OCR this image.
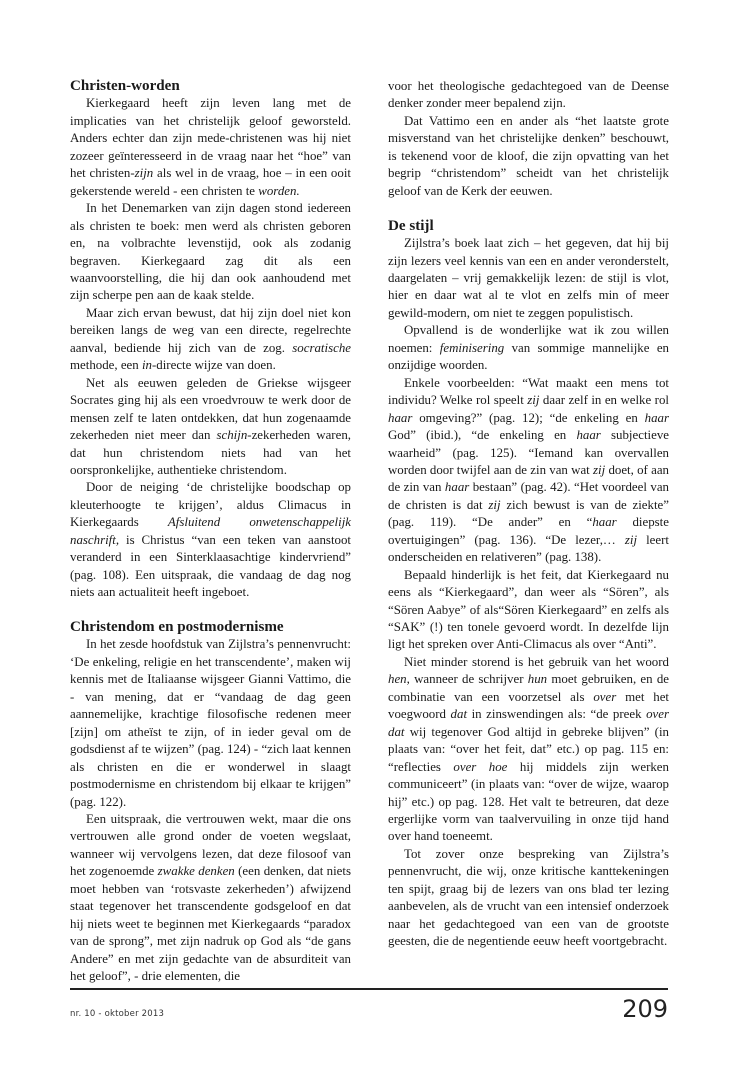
Christen-worden

Kierkegaard heeft zijn leven lang met de implicaties van het christelijk geloof geworsteld. Anders echter dan zijn mede-christenen was hij niet zozeer geïnteresseerd in de vraag naar het “hoe” van het christen-zijn als wel in de vraag, hoe – in een ooit gekerstende wereld - een christen te worden.

In het Denemarken van zijn dagen stond iedereen als christen te boek: men werd als christen geboren en, na volbrachte levenstijd, ook als zodanig begraven. Kierkegaard zag dit als een waanvoorstelling, die hij dan ook aanhoudend met zijn scherpe pen aan de kaak stelde.

Maar zich ervan bewust, dat hij zijn doel niet kon bereiken langs de weg van een directe, regelrechte aanval, bediende hij zich van de zog. socratische methode, een in-directe wijze van doen.

Net als eeuwen geleden de Griekse wijsgeer Socrates ging hij als een vroedvrouw te werk door de mensen zelf te laten ontdekken, dat hun zogenaamde zekerheden niet meer dan schijn-zekerheden waren, dat hun christendom niets had van het oorspronkelijke, authentieke christendom.

Door de neiging ‘de christelijke boodschap op kleuterhoogte te krijgen’, aldus Climacus in Kierkegaards Afsluitend onwetenschappelijk naschrift, is Christus “van een teken van aanstoot veranderd in een Sinterklaasachtige kindervriend” (pag. 108). Een uitspraak, die vandaag de dag nog niets aan actualiteit heeft ingeboet.

Christendom en postmodernisme

In het zesde hoofdstuk van Zijlstra’s pennenvrucht: ‘De enkeling, religie en het transcendente’, maken wij kennis met de Italiaanse wijsgeer Gianni Vattimo, die - van mening, dat er “vandaag de dag geen aannemelijke, krachtige filosofische redenen meer [zijn] om atheïst te zijn, of in ieder geval om de godsdienst af te wijzen” (pag. 124) - “zich laat kennen als christen en die er wonderwel in slaagt postmodernisme en christendom bij elkaar te krijgen” (pag. 122).

Een uitspraak, die vertrouwen wekt, maar die ons vertrouwen alle grond onder de voeten wegslaat, wanneer wij vervolgens lezen, dat deze filosoof van het zogenoemde zwakke denken (een denken, dat niets moet hebben van ‘rotsvaste zekerheden’) afwijzend staat tegenover het transcendente godsgeloof en dat hij niets weet te beginnen met Kierkegaards “paradox van de sprong”, met zijn nadruk op God als “de gans Andere” en met zijn gedachte van de absurditeit van het geloof”, - drie elementen, die

voor het theologische gedachtegoed van de Deense denker zonder meer bepalend zijn.

Dat Vattimo een en ander als “het laatste grote misverstand van het christelijke denken” beschouwt, is tekenend voor de kloof, die zijn opvatting van het begrip “christendom” scheidt van het christelijk geloof van de Kerk der eeuwen.

De stijl

Zijlstra’s boek laat zich – het gegeven, dat hij bij zijn lezers veel kennis van een en ander veronderstelt, daargelaten – vrij gemakkelijk lezen: de stijl is vlot, hier en daar wat al te vlot en zelfs min of meer gewild-modern, om niet te zeggen populistisch.

Opvallend is de wonderlijke wat ik zou willen noemen: feminisering van sommige mannelijke en onzijdige woorden.

Enkele voorbeelden: “Wat maakt een mens tot individu? Welke rol speelt zij daar zelf in en welke rol haar omgeving?” (pag. 12); “de enkeling en haar God” (ibid.), “de enkeling en haar subjectieve waarheid” (pag. 125). “Iemand kan overvallen worden door twijfel aan de zin van wat zij doet, of aan de zin van haar bestaan” (pag. 42). “Het voordeel van de christen is dat zij zich bewust is van de ziekte” (pag. 119). “De ander” en “haar diepste overtuigingen” (pag. 136). “De lezer,… zij leert onderscheiden en relativeren” (pag. 138).

Bepaald hinderlijk is het feit, dat Kierkegaard nu eens als “Kierkegaard”, dan weer als “Sören”, als “Sören Aabye” of als“Sören Kierkegaard” en zelfs als “SAK” (!) ten tonele gevoerd wordt. In dezelfde lijn ligt het spreken over Anti-Climacus als over “Anti”.

Niet minder storend is het gebruik van het woord hen, wanneer de schrijver hun moet gebruiken, en de combinatie van een voorzetsel als over met het voegwoord dat in zinswendingen als: “de preek over dat wij tegenover God altijd in gebreke blijven” (in plaats van: “over het feit, dat” etc.) op pag. 115 en: “reflecties over hoe hij middels zijn werken communiceert” (in plaats van: “over de wijze, waarop hij” etc.) op pag. 128. Het valt te betreuren, dat deze ergerlijke vorm van taalvervuiling in onze tijd hand over hand toeneemt.

Tot zover onze bespreking van Zijlstra’s pennenvrucht, die wij, onze kritische kanttekeningen ten spijt, graag bij de lezers van ons blad ter lezing aanbevelen, als de vrucht van een intensief onderzoek naar het gedachtegoed van een van de grootste geesten, die de negentiende eeuw heeft voortgebracht.

nr. 10 - oktober 2013	209
